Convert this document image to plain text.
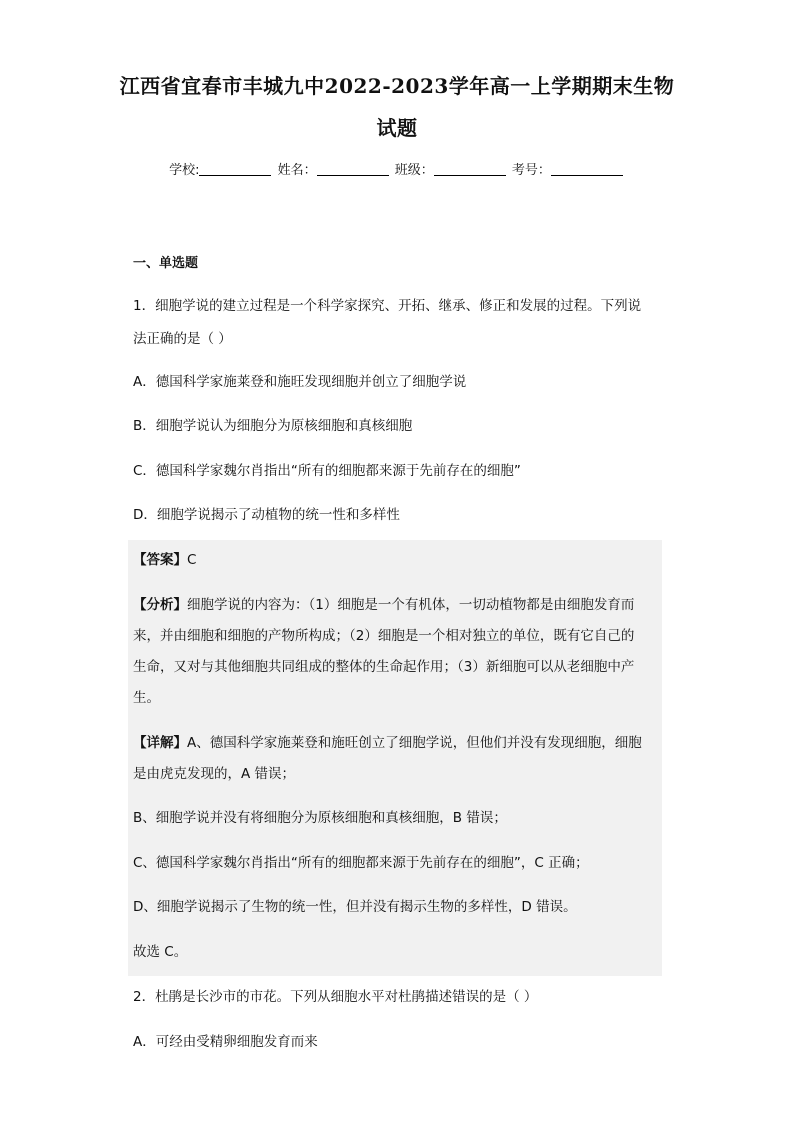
江西省宜春市丰城九中2022-2023学年高一上学期期末生物
试题
学校:	姓名：	班级：	考号：
一、单选题
1．细胞学说的建立过程是一个科学家探究、开拓、继承、修正和发展的过程。下列说
法正确的是（ ）
A．德国科学家施莱登和施旺发现细胞并创立了细胞学说
B．细胞学说认为细胞分为原核细胞和真核细胞
C．德国科学家魏尔肖指出“所有的细胞都来源于先前存在的细胞”
D．细胞学说揭示了动植物的统一性和多样性
【答案】C
【分析】细胞学说的内容为：（1）细胞是一个有机体，一切动植物都是由细胞发育而
来，并由细胞和细胞的产物所构成；（2）细胞是一个相对独立的单位，既有它自己的
生命，又对与其他细胞共同组成的整体的生命起作用；（3）新细胞可以从老细胞中产
生。
【详解】A、德国科学家施莱登和施旺创立了细胞学说，但他们并没有发现细胞，细胞
是由虎克发现的，A 错误；
B、细胞学说并没有将细胞分为原核细胞和真核细胞，B 错误；
C、德国科学家魏尔肖指出“所有的细胞都来源于先前存在的细胞”，C 正确；
D、细胞学说揭示了生物的统一性，但并没有揭示生物的多样性，D 错误。
故选 C。
2．杜鹃是长沙市的市花。下列从细胞水平对杜鹃描述错误的是（ ）
A．可经由受精卵细胞发育而来
